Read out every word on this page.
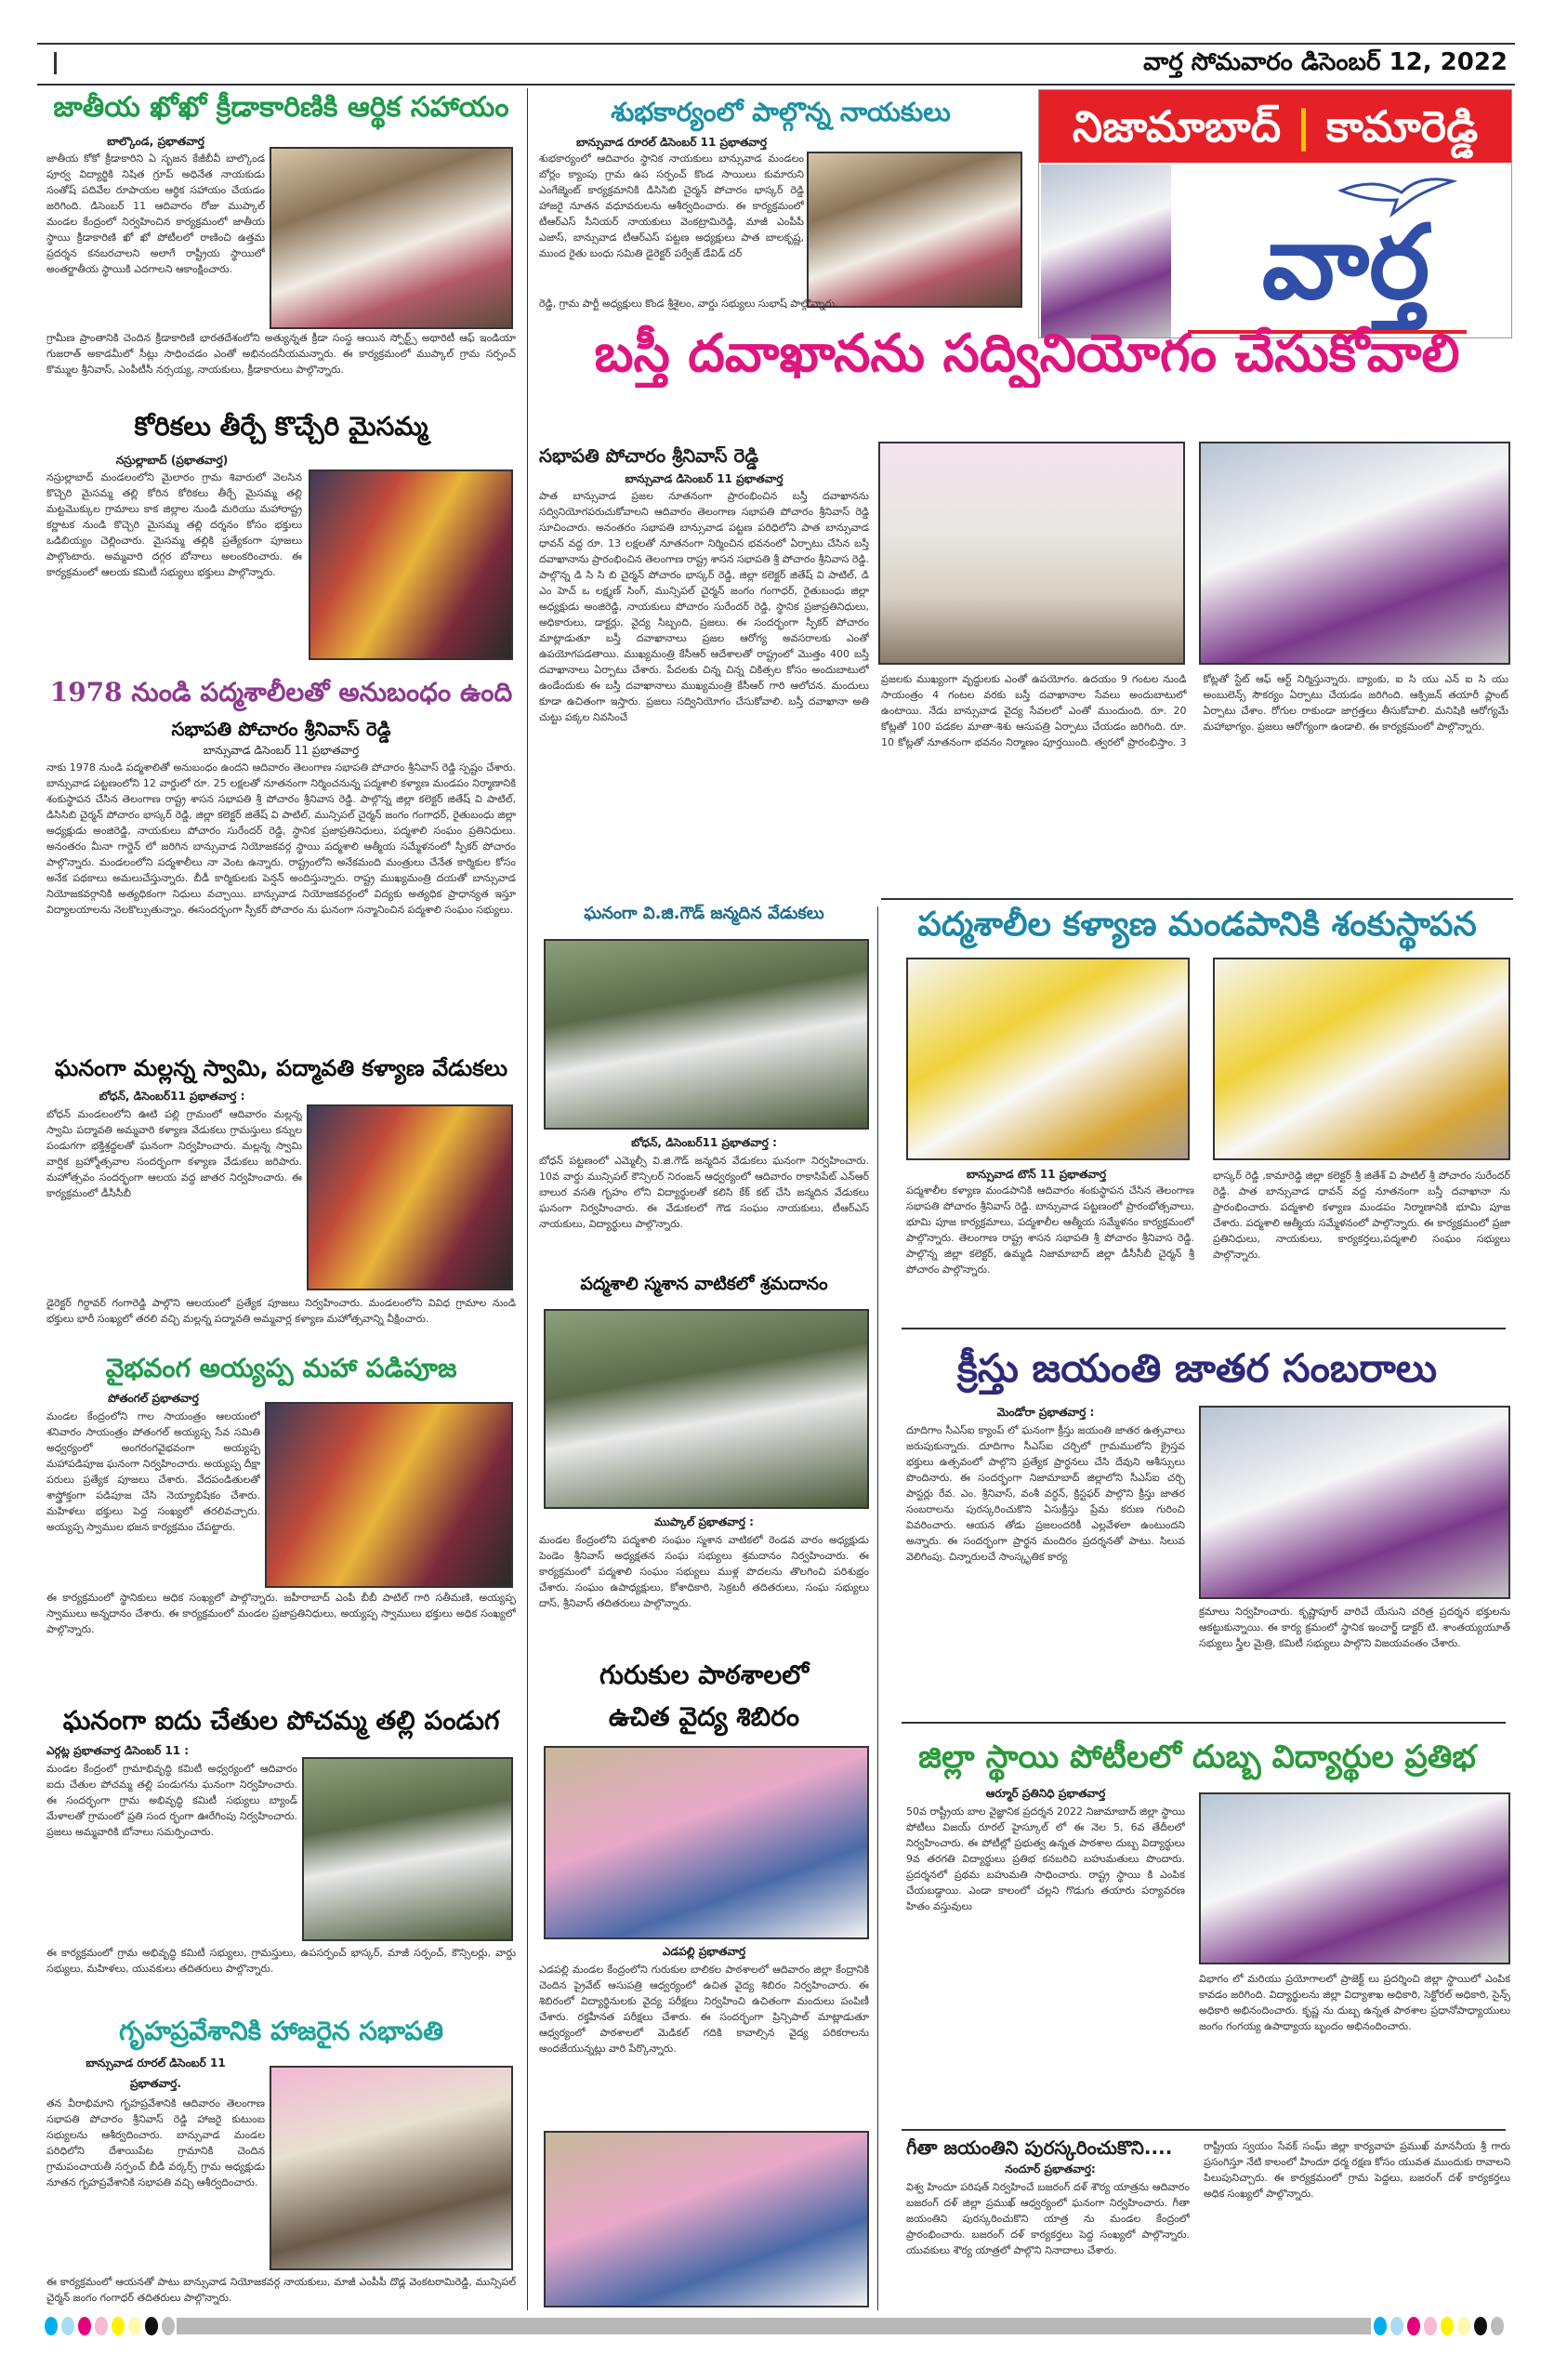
వార్త సోమవారం డిసెంబర్ 12, 2022
నిజామాబాద్ | కామారెడ్డి
వార్త
జాతీయ ఖోఖో క్రీడాకారిణికి ఆర్థిక సహాయం
బాల్కొండ, ప్రభాతవార్త
జాతీయ కోకో క్రీడాకారిని ఏ సృజన కేజీబీవీ బాల్కొండ పూర్వ విద్యార్థికి నిషిత గ్రూప్ అధినేత నాయకుడు సంతోష్ పదివేల రూపాయల ఆర్థిక సహాయం చేయడం జరిగింది. డిసెంబర్ 11 ఆదివారం రోజు ముప్కాల్ మండల కేంద్రంలో నిర్వహించిన కార్యక్రమంలో జాతీయ స్థాయి క్రీడాకారిణి ఖో ఖో పోటీలలో రాణించి ఉత్తమ ప్రదర్శన కనబరచాలని అలాగే రాష్ట్రీయ స్థాయిలో అంతర్జాతీయ స్థాయికి ఎదగాలని ఆకాంక్షించారు.
గ్రామీణ ప్రాంతానికి చెందిన క్రీడాకారిణి భారతదేశంలోని అత్యున్నత క్రీడా సంస్థ ఆయిన స్పోర్ట్స్ అథారిటీ ఆఫ్ ఇండియా గుజరాత్ అకాడమీలో సీట్లు సాధించడం ఎంతో అభినందనీయమన్నారు. ఈ కార్యక్రమంలో ముప్కాల్ గ్రామ సర్పంచ్ కొమ్ముల శ్రీనివాస్, ఎంపీటీసీ నర్సయ్య, నాయకులు, క్రీడాకారులు పాల్గొన్నారు.
కోరికలు తీర్చే కొచ్చేరి మైసమ్మ
నస్రుల్లాబాద్ (ప్రభాతవార్త)
నస్రుల్లాబాద్ మండలంలోని మైలారం గ్రామ శివారులో వెలసిన కొచ్చెరి మైసమ్మ తల్లి కోరిన కోరికలు తీర్చే మైసమ్మ తల్లి మట్టమొక్కుల గ్రామాలు కాక జిల్లాల నుండి మరియు మహారాష్ట్ర కర్ణాటక నుండి కొచ్చెరి మైసమ్మ తల్లి దర్శనం కోసం భక్తులు ఒడిబియ్యం చెల్లించారు. మైసమ్మ తల్లికి ప్రత్యేకంగా పూజలు పాల్గొంటారు. అమ్మవారి దగ్గర బోనాలు అలంకరించారు. ఈ కార్యక్రమంలో ఆలయ కమిటీ సభ్యులు భక్తులు పాల్గొన్నారు.
1978 నుండి పద్మశాలీలతో అనుబంధం ఉంది
సభాపతి పోచారం శ్రీనివాస్ రెడ్డి
బాన్సువాడ డిసెంబర్ 11 ప్రభాతవార్త
నాకు 1978 నుండి పద్మశాలితో అనుబంధం ఉందని ఆదివారం తెలంగాణ సభాపతి పోచారం శ్రీనివాస్ రెడ్డి స్పష్టం చేశారు. బాన్సువాడ పట్టణంలోని 12 వార్డులో రూ. 25 లక్షలతో నూతనంగా నిర్మించనున్న పద్మశాలి కళ్యాణ మండపం నిర్మాణానికి శంకుస్థాపన చేసిన తెలంగాణ రాష్ట్ర శాసన సభాపతి శ్రీ పోచారం శ్రీనివాస రెడ్డి. పాల్గొన్న జిల్లా కలెక్టర్ జితేష్ వి పాటిల్, డిసిసిబి చైర్మన్ పోచారం భాస్కర్ రెడ్డి, జిల్లా కలెక్టర్ జితేష్ వి పాటిల్, మున్సిపల్ చైర్మన్ జంగం గంగాధర్, రైతుబంధు జిల్లా అధ్యక్షుడు అంజిరెడ్డి, నాయకులు పోచారం సురేందర్ రెడ్డి, స్థానిక ప్రజాప్రతినిధులు, పద్మశాలి సంఘం ప్రతినిధులు. అనంతరం మీనా గార్డెన్ లో జరిగిన బాన్సువాడ నియోజకవర్గ స్థాయి పద్మశాలి ఆత్మీయ సమ్మేళనంలో స్పీకర్ పోచారం పాల్గొన్నారు. మండలంలోని పద్మశాలీలు నా వెంట ఉన్నారు. రాష్ట్రంలోని అనేకమంది మంత్రులు చేనేత కార్మికుల కోసం అనేక పథకాలు అమలుచేస్తున్నారు. బీడీ కార్మికులకు పెన్షన్ అందిస్తున్నారు. రాష్ట్ర ముఖ్యమంత్రి దయతో బాన్సువాడ నియోజకవర్గానికి అత్యధికంగా నిధులు వచ్చాయి. బాన్సువాడ నియోజకవర్గంలో విద్యకు అత్యధిక ప్రాధాన్యత ఇస్తూ విద్యాలయాలను నెలకొల్పుతున్నాం. ఈసందర్భంగా స్పీకర్ పోచారం ను ఘనంగా సన్మానించిన పద్మశాలి సంఘం సభ్యులు.
ఘనంగా మల్లన్న స్వామి, పద్మావతి కళ్యాణ వేడుకలు
బోధన్, డిసెంబర్11 ప్రభాతవార్త :
బోధన్ మండలంలోని ఊటి పల్లి గ్రామంలో ఆదివారం మల్లన్న స్వామి పద్మావతి అమ్మవారి కళ్యాణ వేడుకలు గ్రామస్తులు కన్నుల పండుగగా భక్తిశ్రద్ధలతో ఘనంగా నిర్వహించారు. మల్లన్న స్వామి వార్షిక బ్రహ్మోత్సవాల సందర్భంగా కళ్యాణ వేడుకలు జరిపారు. మహోత్సవం సందర్భంగా ఆలయ వద్ద జాతర నిర్వహించారు. ఈ కార్యక్రమంలో డీసీసీబీ
డైరెక్టర్ గిర్దావర్ గంగారెడ్డి పాల్గొని ఆలయంలో ప్రత్యేక పూజలు నిర్వహించారు. మండలంలోని వివిధ గ్రామాల నుండి భక్తులు భారీ సంఖ్యలో తరలి వచ్చి మల్లన్న పద్మావతి అమ్మవార్ల కళ్యాణ మహోత్సవాన్ని వీక్షించారు.
వైభవంగ అయ్యప్ప మహా పడిపూజ
పోతంగల్ ప్రభాతవార్త
మండల కేంద్రంలోని గాల సాయంత్రం ఆలయంలో శనివారం సాయంత్రం పోతంగల్ అయ్యప్ప సేవ సమితి అధ్వర్యంలో అంగరంగవైభవంగా అయ్యప్ప మహాపడిపూజ ఘనంగా నిర్వహించారు. అయ్యప్ప దీక్షా పరులు ప్రత్యేక పూజలు చేశారు. వేదపండితులతో శాస్త్రోక్తంగా పడిపూజ చేసి నెయ్యాభిషేకం చేశారు. మహిళలు భక్తులు పెద్ద సంఖ్యలో తరలివచ్చారు. అయ్యప్ప స్వాముల భజన కార్యక్రమం చేపట్టారు.
ఈ కార్యక్రమంలో స్థానికులు అధిక సంఖ్యలో పాల్గొన్నారు. జహీరాబాద్ ఎంపీ బీబీ పాటిల్ గారి సతీమణి, అయ్యప్ప స్వాములు అన్నదానం చేశారు. ఈ కార్యక్రమంలో మండల ప్రజాప్రతినిధులు, అయ్యప్ప స్వాములు భక్తులు అధిక సంఖ్యలో పాల్గొన్నారు.
ఘనంగా ఐదు చేతుల పోచమ్మ తల్లి పండుగ
ఎర్గట్ల ప్రభాతవార్త డిసెంబర్ 11 :
మండల కేంద్రంలో గ్రామాభివృద్ధి కమిటీ అధ్వర్యంలో ఆదివారం ఐదు చేతుల పోచమ్మ తల్లి పండుగను ఘనంగా నిర్వహించారు. ఈ సందర్భంగా గ్రామ అభివృద్ధి కమిటీ సభ్యులు బ్యాండ్ మేళాలతో గ్రామంలో ప్రతి సంద ర్భంగా ఊరేగింపు నిర్వహించారు. ప్రజలు అమ్మవారికి బోనాలు సమర్పించారు.
ఈ కార్యక్రమంలో గ్రామ అభివృద్ధి కమిటీ సభ్యులు, గ్రామస్తులు, ఉపసర్పంచ్ భాస్కర్, మాజీ సర్పంచ్, కౌన్సిలర్లు, వార్డు సభ్యులు, మహిళలు, యువకులు తదితరులు పాల్గొన్నారు.
గృహప్రవేశానికి హాజరైన సభాపతి
బాన్సువాడ రూరల్ డిసెంబర్ 11
ప్రభాతవార్త.
తన వీరాభిమాని గృహప్రవేశానికి ఆదివారం తెలంగాణ సభాపతి పోచారం శ్రీనివాస్ రెడ్డి హాజరై కుటుంబ సభ్యులను ఆశీర్వదించారు. బాన్సువాడ మండల పరిధిలోని దేశాయిపేట గ్రామానికి చెందిన గ్రామపంచాయతీ సర్పంచ్ బీడీ వర్కర్స్ గ్రామ అధ్యక్షుడు నూతన గృహప్రవేశానికి సభాపతి వచ్చి ఆశీర్వదించారు.
ఈ కార్యక్రమంలో ఆయనతో పాటు బాన్సువాడ నియోజకవర్గ నాయకులు, మాజీ ఎంపీపీ దొడ్ల వెంకటరామిరెడ్డి, మున్సిపల్ చైర్మన్ జంగం గంగాధర్ తదితరులు పాల్గొన్నారు.
శుభకార్యంలో పాల్గొన్న నాయకులు
బాన్సువాడ రూరల్ డిసెంబర్ 11 ప్రభాతవార్త
శుభకార్యంలో ఆదివారం స్థానిక నాయకులు బాన్సువాడ మండలం బోర్లం క్యాంపు గ్రామ ఉప సర్పంచ్ కొండ సాయిలు కుమారుని ఎంగేజ్మెంట్ కార్యక్రమానికి డిసిసిబి చైర్మన్ పోచారం భాస్కర్ రెడ్డి హాజరై నూతన వధూవరులను ఆశీర్వదించారు. ఈ కార్యక్రమంలో టీఆర్ఎస్ సీనియర్ నాయకులు వెంకట్రామిరెడ్డి, మాజీ ఎంపీపీ ఎజాస్, బాన్సువాడ టీఆర్ఎస్ పట్టణ అధ్యక్షులు పాత బాలకృష్ణ, ముంద రైతు బంధు సమితి డైరెక్టర్ పర్వేజ్ డేవిడ్ దర్
రెడ్డి, గ్రామ పార్టీ అధ్యక్షులు కొండ శ్రీశైలం, వార్డు సభ్యులు సుభాష్ పాల్గొన్నారు.
బస్తీ దవాఖానను సద్వినియోగం చేసుకోవాలి
సభాపతి పోచారం శ్రీనివాస్ రెడ్డి
బాన్సువాడ డిసెంబర్ 11 ప్రభాతవార్త
పాత బాన్సువాడ ప్రజల నూతనంగా ప్రారంభించిన బస్తీ దవాఖానను సద్వినియోగపరుచుకోవాలని ఆదివారం తెలంగాణ సభాపతి పోచారం శ్రీనివాస్ రెడ్డి సూచించారు. అనంతరం సభాపతి బాన్సువాడ పట్టణ పరిధిలోని పాత బాన్సువాడ ధావన్ వద్ద రూ. 13 లక్షలతో నూతనంగా నిర్మించిన భవనంలో ఏర్పాటు చేసిన బస్తీ దవాఖానాను ప్రారంభించిన తెలంగాణ రాష్ట్ర శాసన సభాపతి శ్రీ పోచారం శ్రీనివాస రెడ్డి. పాల్గొన్న డి సి సి బి చైర్మన్ పోచారం భాస్కర్ రెడ్డి, జిల్లా కలెక్టర్ జితేష్ వి పాటిల్, డి ఎం హెచ్ ఒ లక్ష్మణ్ సింగ్, మున్సిపల్ చైర్మన్ జంగం గంగాధర్, రైతుబంధు జిల్లా అధ్యక్షుడు అంజిరెడ్డి, నాయకులు పోచారం సురేందర్ రెడ్డి, స్థానిక ప్రజాప్రతినిధులు, అధికారులు, డాక్టర్లు, వైద్య సిబ్బంది, ప్రజలు. ఈ సందర్భంగా స్పీకర్ పోచారం మాట్లాడుతూ బస్తీ దవాఖానాలు ప్రజల ఆరోగ్య అవసరాలకు ఎంతో ఉపయోగపడతాయి. ముఖ్యమంత్రి కేసీఆర్ ఆదేశాలతో రాష్ట్రంలో మొత్తం 400 బస్తీ దవాఖానాలు ఏర్పాటు చేశారు. పేదలకు చిన్న చిన్న చికిత్సల కోసం అందుబాటులో ఉండేందుకు ఈ బస్తీ దవాఖానాలు ముఖ్యమంత్రి కేసీఆర్ గారి ఆలోచన. మందులు కూడా ఉచితంగా ఇస్తారు. ప్రజలు సద్వినియోగం చేసుకోవాలి. బస్తీ దవాఖానా అతి చుట్టు పక్కల నివసించే
ప్రజలకు ముఖ్యంగా వృద్ధులకు ఎంతో ఉపయోగం. ఉదయం 9 గంటల నుండి సాయంత్రం 4 గంటల వరకు బస్తీ దవాఖానాల సేవలు అందుబాటులో ఉంటాయి. నేడు బాన్సువాడ వైద్య సేవలలో ఎంతో ముందుంది. రూ. 20 కోట్లతో 100 పడకల మాతా-శిశు ఆసుపత్రి ఏర్పాటు చేయడం జరిగింది. రూ. 10 కోట్లతో నూతనంగా భవనం నిర్మాణం పూర్తయింది. త్వరలో ప్రారంభిస్తాం. 3 కోట్లతో స్టేట్ ఆఫ్ ఆర్ట్ నిర్మిస్తున్నారు. బ్యాంకు, ఐ సి యు ఎన్ ఐ సి యు అంబులెన్స్ సౌకర్యం ఏర్పాటు చేయడం జరిగింది. ఆక్సిజన్ తయారీ ప్లాంట్ ఏర్పాటు చేశాం. రోగుల రాకుండా జాగ్రత్తలు తీసుకోవాలి. మనిషికి ఆరోగ్యమే మహాభాగ్యం. ప్రజలు ఆరోగ్యంగా ఉండాలి. ఈ కార్యక్రమంలో పాల్గొన్నారు.
ఘనంగా వి.జి.గౌడ్ జన్మదిన వేడుకలు
బోధన్, డిసెంబర్11 ప్రభాతవార్త :
బోధన్ పట్టణంలో ఎమ్మెల్సీ వి.జి.గౌడ్ జన్మదిన వేడుకలు ఘనంగా నిర్వహించారు. 10వ వార్డు మున్సిపల్ కౌన్సిలర్ నిరంజన్ ఆధ్వర్యంలో ఆదివారం రాకాసిపేట్ ఎన్ఆర్ బాలుర వసతి గృహం లోని విద్యార్థులతో కలిసి కేక్ కట్ చేసి జన్మదిన వేడుకలు ఘనంగా నిర్వహించారు. ఈ వేడుకలలో గౌడ సంఘం నాయకులు, టీఆర్ఎస్ నాయకులు, విద్యార్థులు పాల్గొన్నారు.
పద్మశాలి స్మశాన వాటికలో శ్రమదానం
ముప్కాల్ ప్రభాతవార్త :
మండల కేంద్రంలోని పద్మశాలి సంఘం స్మశాన వాటికలో రెండవ వారం అధ్యక్షుడు పెండెం శ్రీనివాస్ అధ్యక్షతన సంఘ సభ్యులు శ్రమదానం నిర్వహించారు. ఈ కార్యక్రమంలో పద్మశాలి సంఘం సభ్యులు ముళ్ల పొదలను తొలగించి పరిశుభ్రం చేశారు. సంఘం ఉపాధ్యక్షులు, కోశాధికారి, సెక్రటరీ తదితరులు, సంఘ సభ్యులు దాస్, శ్రీనివాస్ తదితరులు పాల్గొన్నారు.
గురుకుల పాఠశాలలో
ఉచిత వైద్య శిబిరం
ఎడపల్లి ప్రభాతవార్త
ఎడపల్లి మండల కేంద్రంలోని గురుకుల బాలికల పాఠశాలలో ఆదివారం జిల్లా కేంద్రానికి చెందిన ప్రైవేట్ ఆసుపత్రి ఆధ్వర్యంలో ఉచిత వైద్య శిబిరం నిర్వహించారు. ఈ శిబిరంలో విద్యార్థినులకు వైద్య పరీక్షలు నిర్వహించి ఉచితంగా మందులు పంపిణీ చేశారు. రక్తహీనత పరీక్షలు చేశారు. ఈ సందర్భంగా ప్రిన్సిపాల్ మాట్లాడుతూ ఆధ్వర్యంలో పాఠశాలలో మెడికల్ గదికి కావాల్సిన వైద్య పరికరాలను అందజేయున్నట్లు వారి పేర్కొన్నారు.
పద్మశాలీల కళ్యాణ మండపానికి శంకుస్థాపన
బాన్సువాడ టౌన్ 11 ప్రభాతవార్త
పద్మశాలీల కళ్యాణ మండపానికి ఆదివారం శంకుస్థాపన చేసిన తెలంగాణ సభాపతి పోచారం శ్రీనివాస్ రెడ్డి. బాన్సువాడ పట్టణంలో ప్రారంభోత్సవాలు, భూమి పూజ కార్యక్రమాలు, పద్మశాలీల ఆత్మీయ సమ్మేళనం కార్యక్రమంలో పాల్గొన్నారు. తెలంగాణ రాష్ట్ర శాసన సభాపతి శ్రీ పోచారం శ్రీనివాస రెడ్డి. పాల్గొన్న జిల్లా కలెక్టర్, ఉమ్మడి నిజామాబాద్ జిల్లా డీసీసీబీ చైర్మన్ శ్రీ పోచారం పాల్గొన్నారు.
భాస్కర్ రెడ్డి ,కామారెడ్డి జిల్లా కలెక్టర్ శ్రీ జితేశ్ వి పాటిల్ శ్రీ పోచారం సురేందర్ రెడ్డి. పాత బాన్సువాడ ధావన్ వద్ద నూతనంగా బస్తీ దవాఖానా ను ప్రారంభించారు. పద్మశాలి కళ్యాణ మండపం నిర్మాణానికి భూమి పూజ చేశారు. పద్మశాలి ఆత్మీయ సమ్మేళనంలో పాల్గొన్నారు. ఈ కార్యక్రమంలో ప్రజా ప్రతినిధులు, నాయకులు, కార్యకర్తలు,పద్మశాలి సంఘం సభ్యులు పాల్గొన్నారు.
క్రీస్తు జయంతి జాతర సంబరాలు
మెండోరా ప్రభాతవార్త :
దూదిగాం సీఎస్ఐ క్యాంప్ లో ఘనంగా క్రీస్తు జయంతి జాతర ఉత్సవాలు జరుపుకున్నారు. దూదిగాం సీఎస్ఐ చర్చిలో గ్రామములోని క్రైస్తవ భక్తులు ఉత్సవంలో పాల్గొని ప్రత్యేక ప్రార్థనలు చేసి దేవుని ఆశీస్సులు పొందినారు. ఈ సందర్భంగా నిజామాబాద్ జిల్లాలోని సీఎస్ఐ చర్చి పాస్టర్లు రేవ. ఎం. శ్రీనివాస్, వంశీ వర్ధన్, క్రిస్టఫర్ పాల్గొని క్రీస్తు జాతర సంబరాలను పురస్కరించుకొని ఏసుక్రీస్తు ప్రేమ కరుణ గురించి వివరించారు. ఆయన తోడు ప్రజలందరికీ ఎల్లవేళలా ఉంటుందని అన్నారు. ఈ సందర్భంగా ప్రార్థన మందిరం ప్రదర్శనతో పాటు. సిలువ వెలిగింపు. చిన్నారులచే సాంస్కృతిక కార్య
క్రమాలు నిర్వహించారు. కృష్ణాపూర్ వారిచే యేసుని చరిత్ర ప్రదర్శన భక్తులను ఆకట్టుకున్నాయి. ఈ కార్య క్రమంలో స్థానిక ఇంచార్జ్ డాక్టర్ టి. శాంతయ్యయూత్ సభ్యులు స్త్రీల మైత్రి, కమిటీ సభ్యులు పాల్గొని విజయవంతం చేశారు.
జిల్లా స్థాయి పోటీలలో దుబ్బ విద్యార్థుల ప్రతిభ
ఆర్మూర్ ప్రతినిధి ప్రభాతవార్త
50వ రాష్ట్రీయ బాల వైజ్ఞానిక ప్రదర్శన 2022 నిజామాబాద్ జిల్లా స్థాయి పోటీలు విజయ్ రూరల్ హైస్కూల్ లో ఈ నెల 5, 6వ తేదీలలో నిర్వహించారు. ఈ పోటీల్లో ప్రభుత్వ ఉన్నత పాఠశాల దుబ్బ విద్యార్థులు 9వ తరగతి విద్యార్థులు ప్రతిభ కనబరిచి బహుమతులు పొందారు. ప్రదర్శనలో ప్రథమ బహుమతి సాధించారు. రాష్ట్ర స్థాయి కి ఎంపిక చేయబడ్డాయి. ఎండా కాలంలో చల్లని గొడుగు తయారు పర్యావరణ హితం వస్తువులు
విభాగం లో మరియు ప్రయోగాలలో ప్రాజెక్ట్ లు ప్రదర్శించి జిల్లా స్థాయిలో ఎంపిక కావడం జరిగింది. విద్యార్థులను జిల్లా విద్యాశాఖ అధికారి, సెక్టోరల్ అధికారి, సైన్స్ అధికారి అభినందించారు. కృష్ణ ను దుబ్బ ఉన్నత పాఠశాల ప్రధానోపాధ్యాయులు జంగం గంగయ్య ఉపాధ్యాయ బృందం అభినందించారు.
గీతా జయంతిని పురస్కరించుకొని....
నందూర్ ప్రభాతవార్త:
విశ్వ హిందూ పరిషత్ నిర్వహించే బజరంగ్ దళ్ శౌర్య యాత్రను ఆదివారం బజరంగ్ దళ్ జిల్లా ప్రముఖ్ ఆధ్వర్యంలో ఘనంగా నిర్వహించారు. గీతా జయంతిని పురస్కరించుకొని యాత్ర ను మండల కేంద్రంలో ప్రారంభించారు. బజరంగ్ దళ్ కార్యకర్తలు పెద్ద సంఖ్యలో పాల్గొన్నారు. యువకులు శౌర్య యాత్రలో పాల్గొని నినాదాలు చేశారు.
రాష్ట్రీయ స్వయం సేవక్ సంఘ్ జిల్లా కార్యవాహ ప్రముఖ్ మాననీయ శ్రీ గారు ప్రసంగిస్తూ నేటి కాలంలో హిందూ ధర్మ రక్షణ కోసం యువత ముందుకు రావాలని పిలుపునిచ్చారు. ఈ కార్యక్రమంలో గ్రామ పెద్దలు, బజరంగ్ దళ్ కార్యకర్తలు అధిక సంఖ్యలో పాల్గొన్నారు.
